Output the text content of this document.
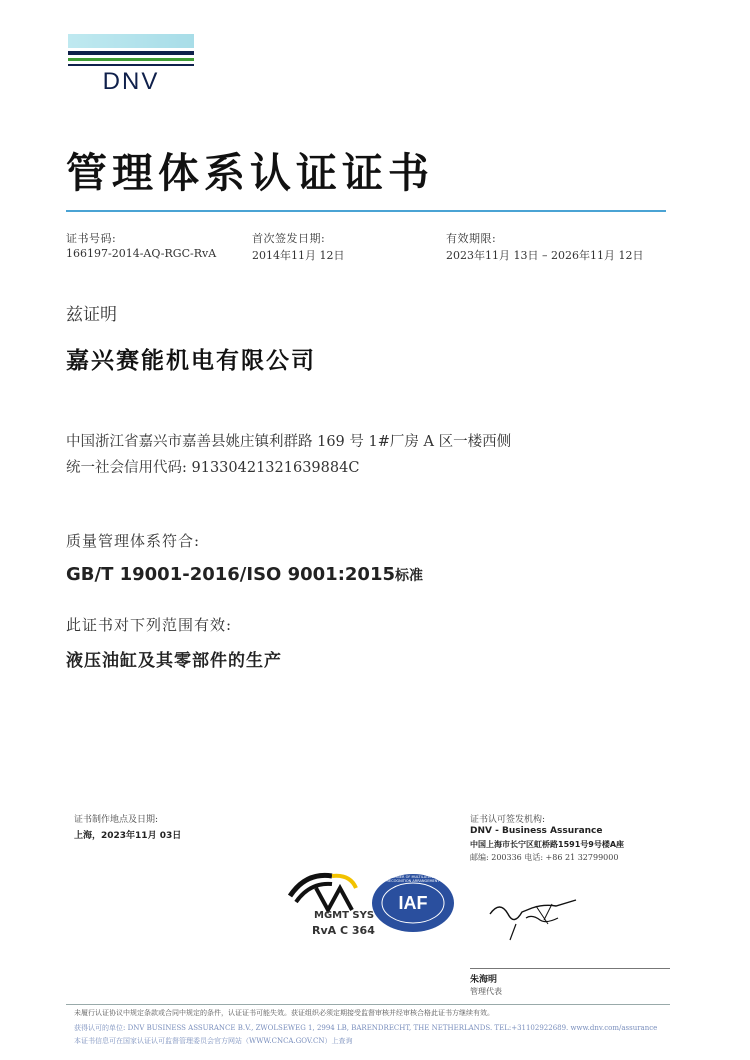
DNV
管理体系认证证书
证书号码:
166197-2014-AQ-RGC-RvA
首次签发日期:
2014年11月 12日
有效期限:
2023年11月 13日 – 2026年11月 12日
兹证明
嘉兴赛能机电有限公司
中国浙江省嘉兴市嘉善县姚庄镇利群路 169 号 1#厂房 A 区一楼西侧
统一社会信用代码: 91330421321639884C
质量管理体系符合:
GB/T 19001-2016/ISO 9001:2015标准
此证书对下列范围有效:
液压油缸及其零部件的生产
证书制作地点及日期:
上海，2023年11月 03日
证书认可签发机构:
DNV - Business Assurance
中国上海市长宁区虹桥路1591号9号楼A座
邮编: 200336 电话: +86 21 32799000
MGMT SYS
RvA C 364
IAF
MEMBER OF MULTILATERAL RECOGNITION ARRANGEMENT
朱海明
管理代表
未履行认证协议中规定条款或合同中规定的条件，认证证书可能失效。获证组织必须定期接受监督审核并经审核合格此证书方继续有效。
获得认可的单位: DNV BUSINESS ASSURANCE B.V., ZWOLSEWEG 1, 2994 LB, BARENDRECHT, THE NETHERLANDS. TEL:+31102922689. www.dnv.com/assurance
本证书信息可在国家认证认可监督管理委员会官方网站（WWW.CNCA.GOV.CN）上查询
